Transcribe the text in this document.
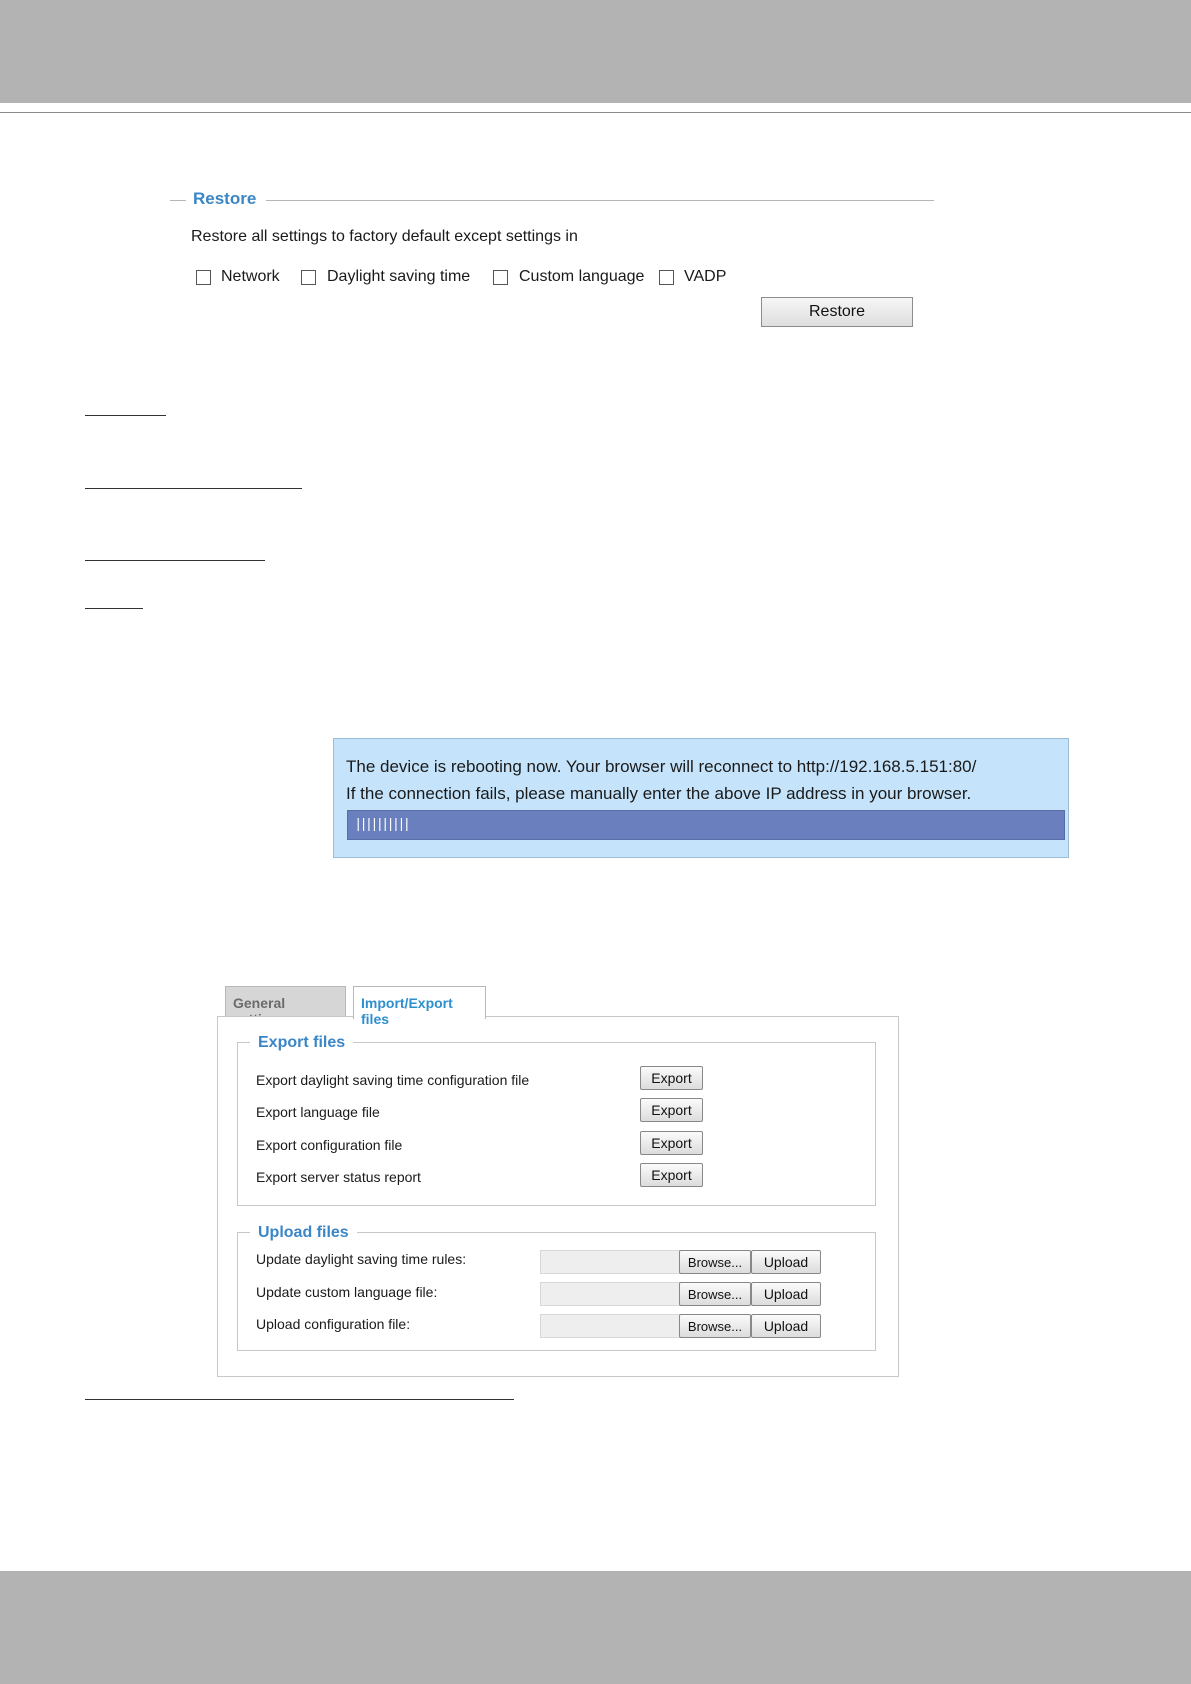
Restore
Restore all settings to factory default except settings in
Network	Daylight saving time	Custom language VADP
Restore
The device is rebooting now. Your browser will reconnect to http://192.168.5.151:80/
If the connection fails, please manually enter the above IP address in your browser.
||||||||||
General	Import/Export files
Export files
Export daylight saving time configuration file	Export
Export language file	Export
Export configuration file	Export
Export server status report	Export
Upload files
Update daylight saving time rules:	Browse...	Upload
Update custom language file:	Browse...	Upload
Upload configuration file:	Browse...	Upload
